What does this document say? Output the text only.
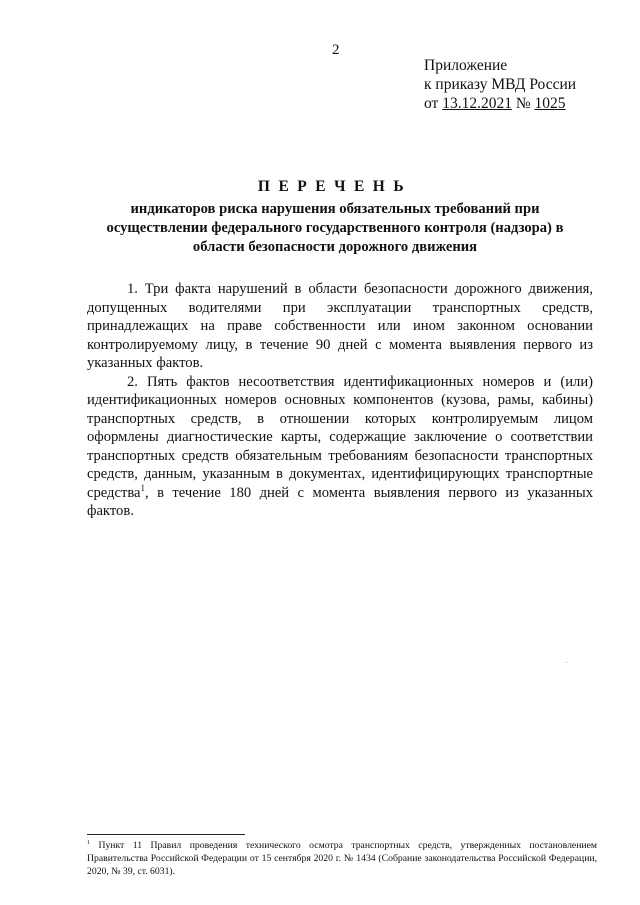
2
Приложение
к приказу МВД России
от 13.12.2021 № 1025
ПЕРЕЧЕНЬ
индикаторов риска нарушения обязательных требований при осуществлении федерального государственного контроля (надзора) в области безопасности дорожного движения

1. Три факта нарушений в области безопасности дорожного движения, допущенных водителями при эксплуатации транспортных средств, принадлежащих на праве собственности или ином законном основании контролируемому лицу, в течение 90 дней с момента выявления первого из указанных фактов.

2. Пять фактов несоответствия идентификационных номеров и (или) идентификационных номеров основных компонентов (кузова, рамы, кабины) транспортных средств, в отношении которых контролируемым лицом оформлены диагностические карты, содержащие заключение о соответствии транспортных средств обязательным требованиям безопасности транспортных средств, данным, указанным в документах, идентифицирующих транспортные средства$^1$, в течение 180 дней с момента выявления первого из указанных фактов.

$^1$ Пункт 11 Правил проведения технического осмотра транспортных средств, утвержденных постановлением Правительства Российской Федерации от 15 сентября 2020 г. № 1434 (Собрание законодательства Российской Федерации, 2020, № 39, ст. 6031).
